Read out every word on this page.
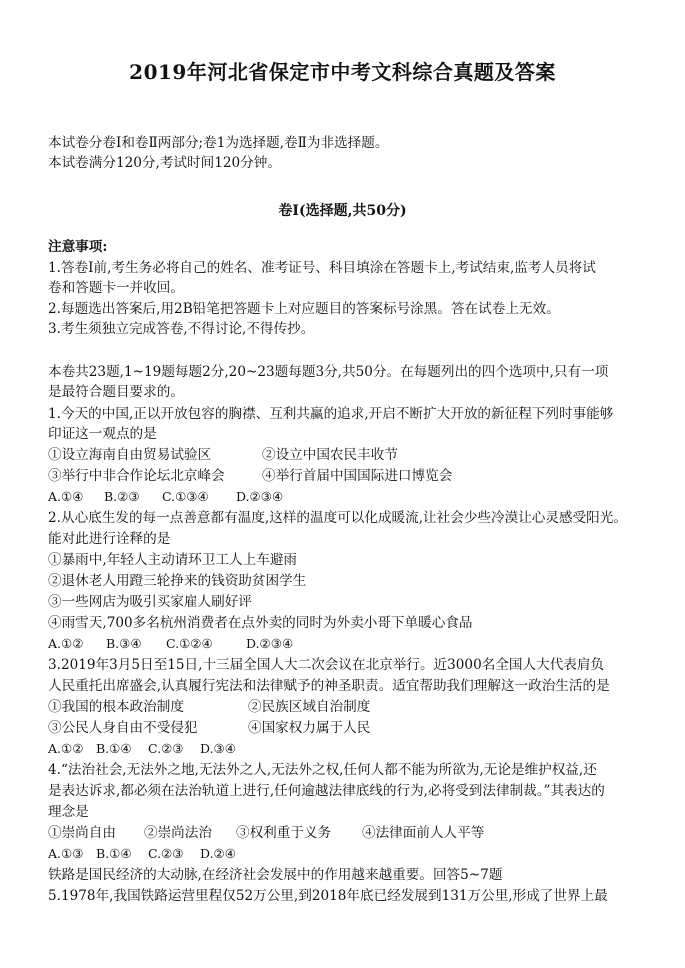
2019年河北省保定市中考文科综合真题及答案
本试卷分卷Ⅰ和卷Ⅱ两部分;卷1为选择题,卷Ⅱ为非选择题。
本试卷满分120分,考试时间120分钟。
卷Ⅰ(选择题,共50分)
注意事项:
1.答卷Ⅰ前,考生务必将自己的姓名、准考证号、科目填涂在答题卡上,考试结束,监考人员将试
卷和答题卡一并收回。
2.每题选出答案后,用2B铅笔把答题卡上对应题目的答案标号涂黑。答在试卷上无效。
3.考生须独立完成答卷,不得讨论,不得传抄。
本卷共23题,1~19题每题2分,20~23题每题3分,共50分。在每题列出的四个选项中,只有一项
是最符合题目要求的。
1.今天的中国,正以开放包容的胸襟、互利共赢的追求,开启不断扩大开放的新征程下列时事能够
印证这一观点的是
①设立海南自由贸易试验区	②设立中国农民丰收节
③举行中非合作论坛北京峰会	④举行首届中国国际进口博览会
A.①④ B.②③ C.①③④ D.②③④
2.从心底生发的每一点善意都有温度,这样的温度可以化成暖流,让社会少些冷漠让心灵感受阳光。
能对此进行诠释的是
①暴雨中,年轻人主动请环卫工人上车避雨
②退休老人用蹬三轮挣来的钱资助贫困学生
③一些网店为吸引买家雇人刷好评
④雨雪天,700多名杭州消费者在点外卖的同时为外卖小哥下单暖心食品
A.①② B.③④ C.①②④	D.②③④
3.2019年3月5日至15日,十三届全国人大二次会议在北京举行。近3000名全国人大代表肩负
人民重托出席盛会,认真履行宪法和法律赋予的神圣职责。适宜帮助我们理解这一政治生活的是
①我国的根本政治制度	②民族区域自治制度
③公民人身自由不受侵犯	④国家权力属于人民
A.①② B.①④ C.②③ D.③④
4.“法治社会,无法外之地,无法外之人,无法外之权,任何人都不能为所欲为,无论是维护权益,还
是表达诉求,都必须在法治轨道上进行,任何逾越法律底线的行为,必将受到法律制裁。”其表达的
理念是
①崇尚自由 ②崇尚法治 ③权利重于义务 ④法律面前人人平等
A.①③ B.①④ C.②③ D.②④
铁路是国民经济的大动脉,在经济社会发展中的作用越来越重要。回答5~7题
5.1978年,我国铁路运营里程仅52万公里,到2018年底已经发展到131万公里,形成了世界上最
